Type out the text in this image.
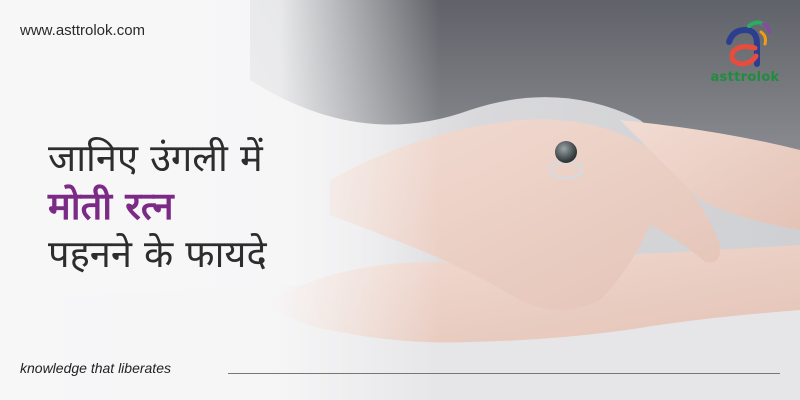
www.asttrolok.com
asttrolok
जानिए उंगली में
मोती रत्न
पहनने के फायदे
knowledge that liberates
